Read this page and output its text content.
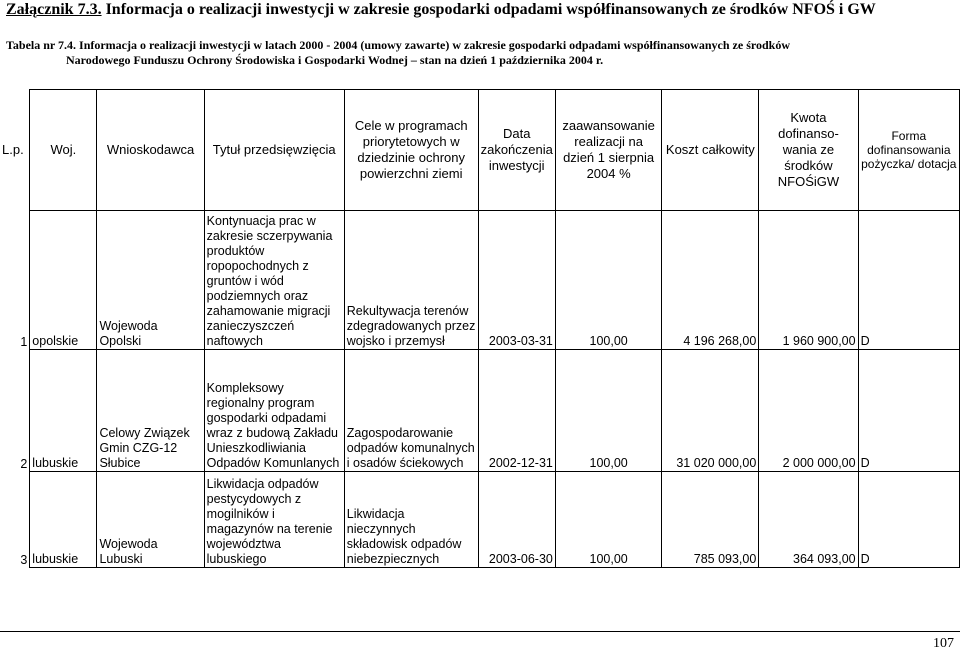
Załącznik 7.3. Informacja o realizacji inwestycji w zakresie gospodarki odpadami współfinansowanych ze środków NFOŚ i GW
Tabela nr 7.4. Informacja o realizacji inwestycji w latach 2000 - 2004 (umowy zawarte) w zakresie gospodarki odpadami współfinansowanych ze środków
Narodowego Funduszu Ochrony Środowiska i Gospodarki Wodnej – stan na dzień 1 października 2004 r.
L.p.	Woj.	Wnioskodawca	Tytuł przedsięwzięcia	Cele w programach priorytetowych w dziedzinie ochrony powierzchni ziemi	Data zakończenia inwestycji	zaawansowanie realizacji na dzień 1 sierpnia 2004 %	Koszt całkowity	Kwota dofinanso-wania ze środków NFOŚiGW	Forma dofinansowania pożyczka/ dotacja
1	opolskie	Wojewoda Opolski	Kontynuacja prac w zakresie sczerpywania produktów ropopochodnych z gruntów i wód podziemnych oraz zahamowanie migracji zanieczyszczeń naftowych	Rekultywacja terenów zdegradowanych przez wojsko i przemysł	2003-03-31	100,00	4 196 268,00	1 960 900,00	D
2	lubuskie	Celowy Związek Gmin CZG-12 Słubice	Kompleksowy regionalny program gospodarki odpadami wraz z budową Zakładu Unieszkodliwiania Odpadów Komunlanych	Zagospodarowanie odpadów komunalnych i osadów ściekowych	2002-12-31	100,00	31 020 000,00	2 000 000,00	D
3	lubuskie	Wojewoda Lubuski	Likwidacja odpadów pestycydowych z mogilników i magazynów na terenie województwa lubuskiego	Likwidacja nieczynnych składowisk odpadów niebezpiecznych	2003-06-30	100,00	785 093,00	364 093,00	D
107
